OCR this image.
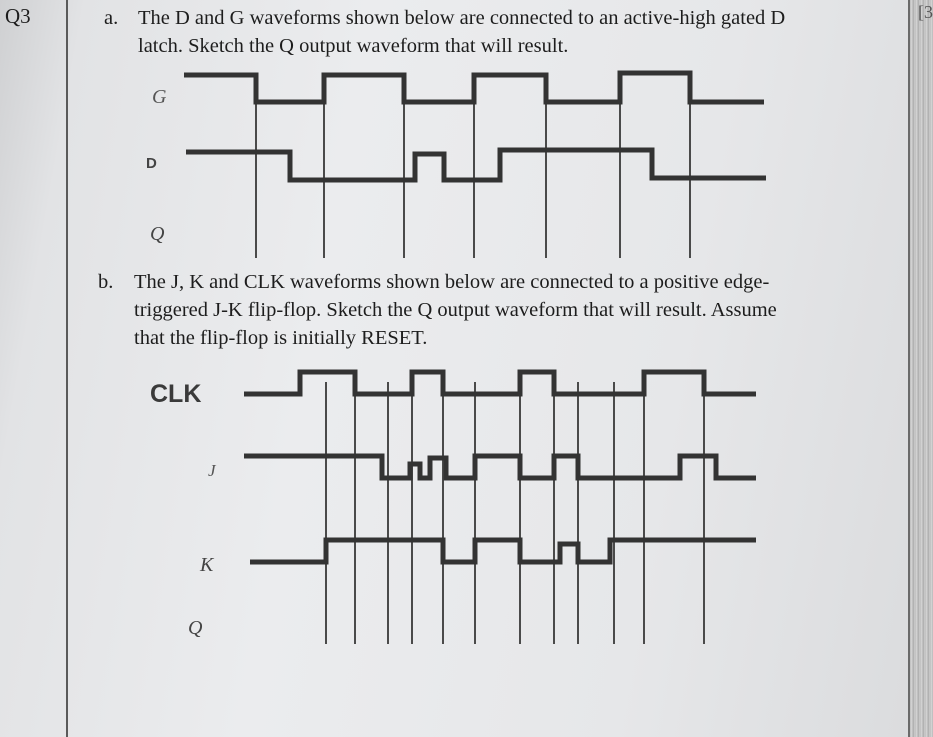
Q3	[3
a. The D and G waveforms shown below are connected to an active-high gated D
latch. Sketch the Q output waveform that will result.
b. The J, K and CLK waveforms shown below are connected to a positive edge-
triggered J-K flip-flop. Sketch the Q output waveform that will result. Assume
that the flip-flop is initially RESET.
G
D
Q
CLK
J
K
Q
